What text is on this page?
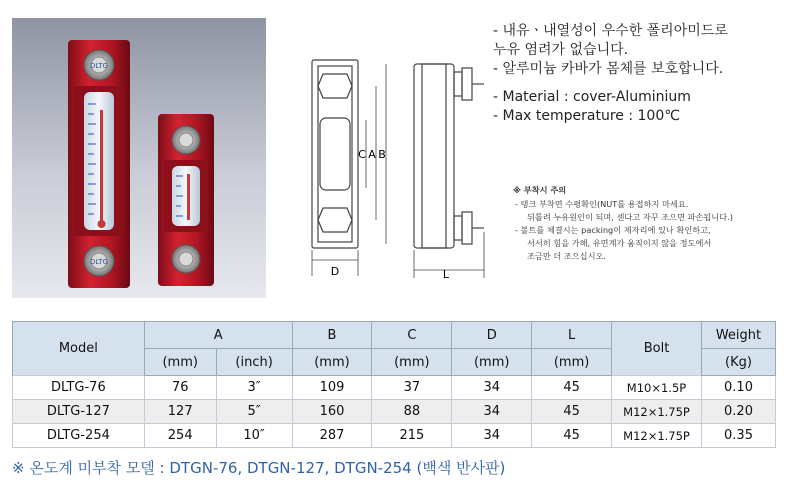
DLTG
DLTG
C A B
D	L
- 내유ㆍ내열성이 우수한 폴리아미드로
누유 염려가 없습니다.
- 알루미늄 카바가 몸체를 보호합니다.
- Material : cover-Aluminium
- Max temperature : 100℃
※ 부착시 주의
- 탱크 부착면 수평확인(NUT를 용접하지 마세요.
뒤틀려 누유원인이 되며, 센다고 자꾸 조으면 파손됩니다.)
- 볼트를 체결시는 packing이 제자리에 있나 확인하고,
서서히 힘을 가해, 유면계가 움직이지 않을 정도에서
조금만 더 조으십시오.
Model	A		B	C	D	L	Bolt	Weight
	(mm)	(inch)	(mm)	(mm)	(mm)	(mm)		(Kg)
DLTG-76	76	3″	109	37	34	45	M10×1.5P	0.10
DLTG-127	127	5″	160	88	34	45	M12×1.75P	0.20
DLTG-254	254	10″	287	215	34	45	M12×1.75P	0.35
※ 온도계 미부착 모델 : DTGN-76, DTGN-127, DTGN-254 (백색 반사판)
